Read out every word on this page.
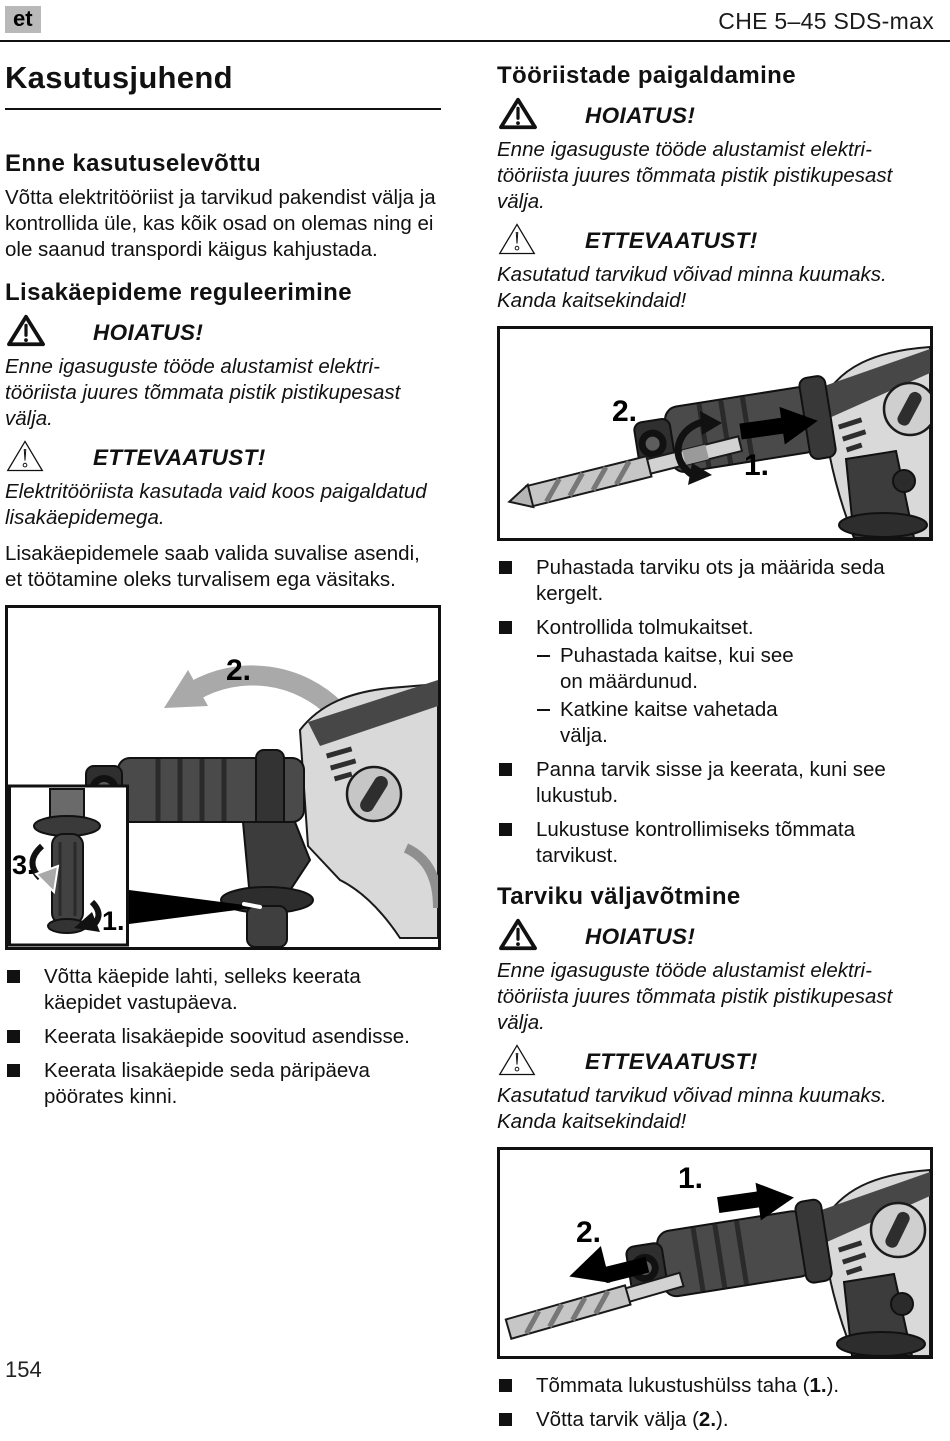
et	CHE 5–45 SDS-max
Kasutusjuhend
Enne kasutuselevõttu

Võtta elektritööriist ja tarvikud pakendist välja ja kontrollida üle, kas kõik osad on olemas ning ei ole saanud transpordi käigus kahjustada.

Lisakäepideme reguleerimine
HOIATUS!

Enne igasuguste tööde alustamist elektritööriista juures tõmmata pistik pistikupesast välja.

ETTEVAATUST!

Elektritööriista kasutada vaid koos paigaldatud lisakäepidemega.

Lisakäepidemele saab valida suvalise asendi, et töötamine oleks turvalisem ega väsitaks.

2.
3.
1.
Võtta käepide lahti, selleks keerata käepidet vastupäeva.
Keerata lisakäepide soovitud asendisse.
Keerata lisakäepide seda päripäeva pöörates kinni.
Tööriistade paigaldamine
HOIATUS!

Enne igasuguste tööde alustamist elektritööriista juures tõmmata pistik pistikupesast välja.

ETTEVAATUST!

Kasutatud tarvikud võivad minna kuumaks. Kanda kaitsekindaid!

2.
1.
Puhastada tarviku ots ja määrida seda kergelt.
Kontrollida tolmukaitset.
Puhastada kaitse, kui see on määrdunud.
Katkine kaitse vahetada välja.
Panna tarvik sisse ja keerata, kuni see lukustub.
Lukustuse kontrollimiseks tõmmata tarvikust.
Tarviku väljavõtmine
HOIATUS!

Enne igasuguste tööde alustamist elektritööriista juures tõmmata pistik pistikupesast välja.

ETTEVAATUST!

Kasutatud tarvikud võivad minna kuumaks. Kanda kaitsekindaid!

1.
2.
Tõmmata lukustushülss taha (1.).
Võtta tarvik välja (2.).
154
